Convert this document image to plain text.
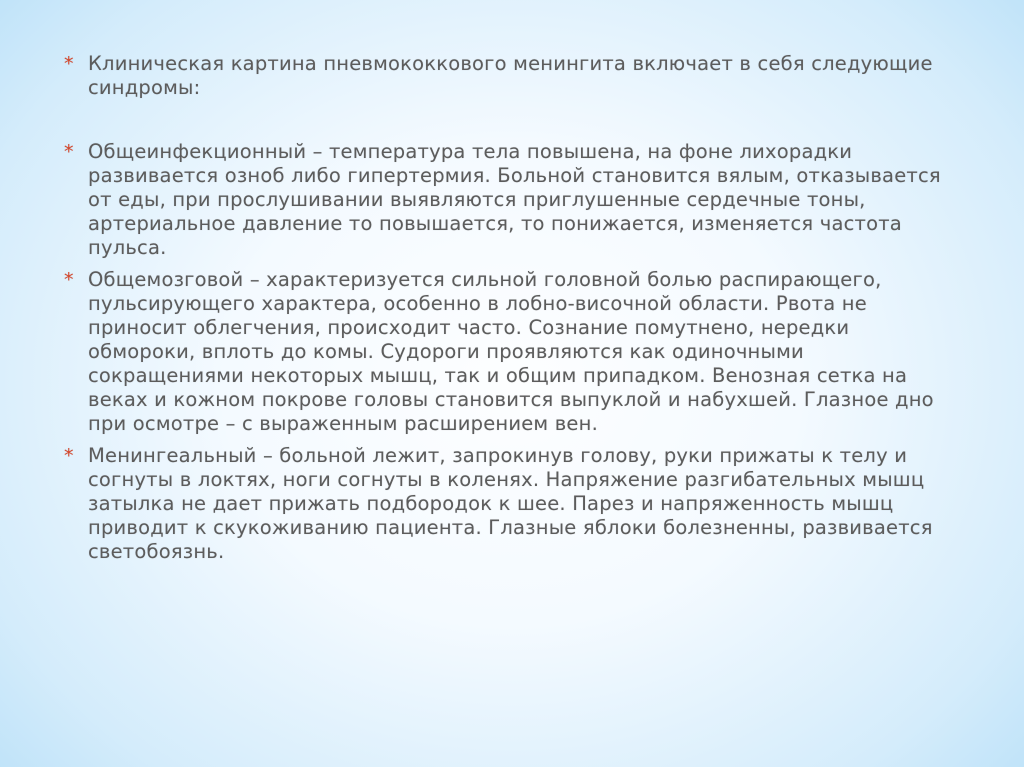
* Клиническая картина пневмококкового менингита включает в себя следующие синдромы:
* Общеинфекционный – температура тела повышена, на фоне лихорадки развивается озноб либо гипертермия. Больной становится вялым, отказывается от еды, при прослушивании выявляются приглушенные сердечные тоны, артериальное давление то повышается, то понижается, изменяется частота пульса.
* Общемозговой – характеризуется сильной головной болью распирающего, пульсирующего характера, особенно в лобно-височной области. Рвота не приносит облегчения, происходит часто. Сознание помутнено, нередки обмороки, вплоть до комы. Судороги проявляются как одиночными сокращениями некоторых мышц, так и общим припадком. Венозная сетка на веках и кожном покрове головы становится выпуклой и набухшей. Глазное дно при осмотре – с выраженным расширением вен.
* Менингеальный – больной лежит, запрокинув голову, руки прижаты к телу и согнуты в локтях, ноги согнуты в коленях. Напряжение разгибательных мышц затылка не дает прижать подбородок к шее. Парез и напряженность мышц приводит к скукоживанию пациента. Глазные яблоки болезненны, развивается светобоязнь.
